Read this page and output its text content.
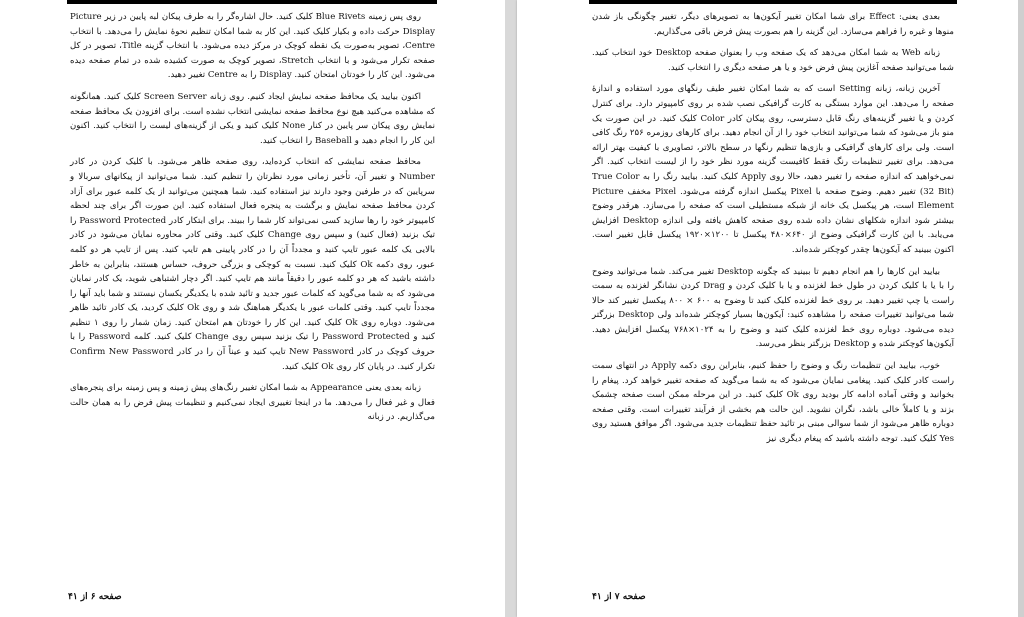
روی پس زمینه Blue Rivets کلیک کنید. حال اشاره‌گر را به طرف پیکان لبه پایین در زیر Picture Display حرکت داده و بکیار کلیک کنید. این کار به شما امکان تنظیم نحوهٔ نمایش را می‌دهد. با انتخاب Centre، تصویر به‌صورت یک نقطه کوچک در مرکز دیده می‌شود. با انتخاب گزینه Title، تصویر در کل صفحه تکرار می‌شود و با انتخاب Stretch، تصویر کوچک به صورت کشیده شده در تمام صفحه دیده می‌شود. این کار را خودتان امتحان کنید. Display را به Centre تغییر دهید.

اکنون بیایید یک محافظ صفحه نمایش ایجاد کنیم. روی زبانه Screen Server کلیک کنید. همانگونه که مشاهده می‌کنید هیچ نوع محافظ صفحه نمایشی انتخاب نشده است. برای افزودن یک محافظ صفحه نمایش روی پیکان سر پایین در کنار None کلیک کنید و یکی از گزینه‌های لیست را انتخاب کنید. اکنون این کار را انجام دهید و Baseball را انتخاب کنید.

محافظ صفحه نمایشی که انتخاب کرده‌اید، روی صفحه ظاهر می‌شود. با کلیک کردن در کادر Number و تغییر آن، تأخیر زمانی مورد نظرتان را تنظیم کنید. شما می‌توانید از پیکانهای سربالا و سرپایین که در طرفین وجود دارند نیز استفاده کنید. شما همچنین می‌توانید از یک کلمه عبور برای آزاد کردن محافظ صفحه نمایش و برگشت به پنجره فعال استفاده کنید. این صورت اگر برای چند لحظه کامپیوتر خود را رها سازید کسی نمی‌تواند کار شما را ببیند. برای ابتکار کادر Password Protected را تیک بزنید (فعال کنید) و سپس روی Change کلیک کنید. وقتی کادر محاوره نمایان می‌شود در کادر بالایی یک کلمه عبور تایپ کنید و مجدداً آن را در کادر پایینی هم تایپ کنید. پس از تایپ هر دو کلمه عبور، روی دکمه Ok کلیک کنید. نسبت به کوچکی و بزرگی حروف، حساس هستند، بنابراین به خاطر داشته باشید که هر دو کلمه عبور را دقیقاً مانند هم تایپ کنید. اگر دچار اشتباهی شوید، یک کادر نمایان می‌شود که به شما می‌گوید که کلمات عبور جدید و تائید شده با یکدیگر یکسان نیستند و شما باید آنها را مجدداً تایپ کنید. وقتی کلمات عبور با یکدیگر هماهنگ شد و روی Ok کلیک کردید، یک کادر تائید ظاهر می‌شود. دوباره روی Ok کلیک کنید. این کار را خودتان هم امتحان کنید. زمان شمار را روی ۱ تنظیم کنید و Password Protected را تیک بزنید سپس روی Change کلیک کنید. کلمه Password را با حروف کوچک در کادر New Password تایپ کنید و عیناً آن را در کادر Confirm New Password تکرار کنید. در پایان کار روی Ok کلیک کنید.

زبانه بعدی یعنی Appearance به شما امکان تغییر رنگ‌های پیش زمینه و پس زمینه برای پنجره‌های فعال و غیر فعال را می‌دهد. ما در اینجا تغییری ایجاد نمی‌کنیم و تنظیمات پیش فرض را به همان حالت می‌گذاریم. در زبانه

صفحه ۶ از ۴۱

بعدی یعنی: Effect برای شما امکان تغییر آیکون‌ها به تصویرهای دیگر، تغییر چگونگی باز شدن منوها و غیره را فراهم می‌سازد. این گزینه را هم بصورت پیش فرض باقی می‌گذاریم.

زبانه Web به شما امکان می‌دهد که یک صفحه وب را بعنوان صفحه Desktop خود انتخاب کنید. شما می‌توانید صفحه آغازین پیش فرض خود و یا هر صفحه دیگری را انتخاب کنید.

آخرین زبانه، زبانه Setting است که به شما امکان تغییر طیف رنگهای مورد استفاده و اندازهٔ صفحه را می‌دهد. این موارد بستگی به کارت گرافیکی نصب شده بر روی کامپیوتر دارد. برای کنترل کردن و یا تغییر گزینه‌های رنگ قابل دسترسی، روی پیکان کادر Color کلیک کنید. در این صورت یک منو باز می‌شود که شما می‌توانید انتخاب خود را از آن انجام دهید. برای کارهای روزمره ۲۵۶ رنگ کافی است. ولی برای کارهای گرافیکی و بازی‌ها تنظیم رنگها در سطح بالاتر، تصاویری با کیفیت بهتر ارائه می‌دهد. برای تغییر تنظیمات رنگ فقط کافیست گزینه مورد نظر خود را از لیست انتخاب کنید. اگر نمی‌خواهید که اندازه صفحه را تغییر دهید، حالا روی Apply کلیک کنید. بیایید رنگ را به True Color (32 Bit) تغییر دهیم. وضوح صفحه با Pixel پیکسل اندازه گرفته می‌شود. Pixel مخفف Picture Element است، هر پیکسل یک خانه از شبکه مستطیلی است که صفحه را می‌سازد. هرقدر وضوح بیشتر شود اندازه شکلهای نشان داده شده روی صفحه کاهش یافته ولی اندازه Desktop افزایش می‌یابد. با این کارت گرافیکی وضوح از ۶۴۰×۴۸۰ پیکسل تا ۱۲۰۰×۱۹۲۰ پیکسل قابل تغییر است. اکنون ببینید که آیکون‌ها چقدر کوچکتر شده‌اند.

بیایید این کارها را هم انجام دهیم تا ببینید که چگونه Desktop تغییر می‌کند. شما می‌توانید وضوح را با یا با کلیک کردن در طول خط لغزنده و یا با کلیک کردن و Drag کردن نشانگر لغزنده به سمت راست یا چپ تغییر دهید. بر روی خط لغزنده کلیک کنید تا وضوح به ۶۰۰ × ۸۰۰ پیکسل تغییر کند حالا شما می‌توانید تغییرات صفحه را مشاهده کنید: آیکون‌ها بسیار کوچکتر شده‌اند ولی Desktop بزرگتر دیده می‌شود. دوباره روی خط لغزنده کلیک کنید و وضوح را به ۱۰۲۴×۷۶۸ پیکسل افزایش دهید. آیکون‌ها کوچکتر شده و Desktop بزرگتر بنظر می‌رسد.

خوب، بیایید این تنظیمات رنگ و وضوح را حفظ کنیم، بنابراین روی دکمه Apply در انتهای سمت راست کادر کلیک کنید. پیغامی نمایان می‌شود که به شما می‌گوید که صفحه تغییر خواهد کرد. پیغام را بخوانید و وقتی آماده ادامه کار بودید روی Ok کلیک کنید. در این مرحله ممکن است صفحه چشمک بزند و یا کاملاً خالی باشد، نگران نشوید. این حالت هم بخشی از فرآیند تغییرات است. وقتی صفحه دوباره ظاهر می‌شود از شما سوالی مبنی بر تائید حفظ تنظیمات جدید می‌شود. اگر موافق هستید روی Yes کلیک کنید. توجه داشته باشید که پیغام دیگری نیز

صفحه ۷ از ۴۱
